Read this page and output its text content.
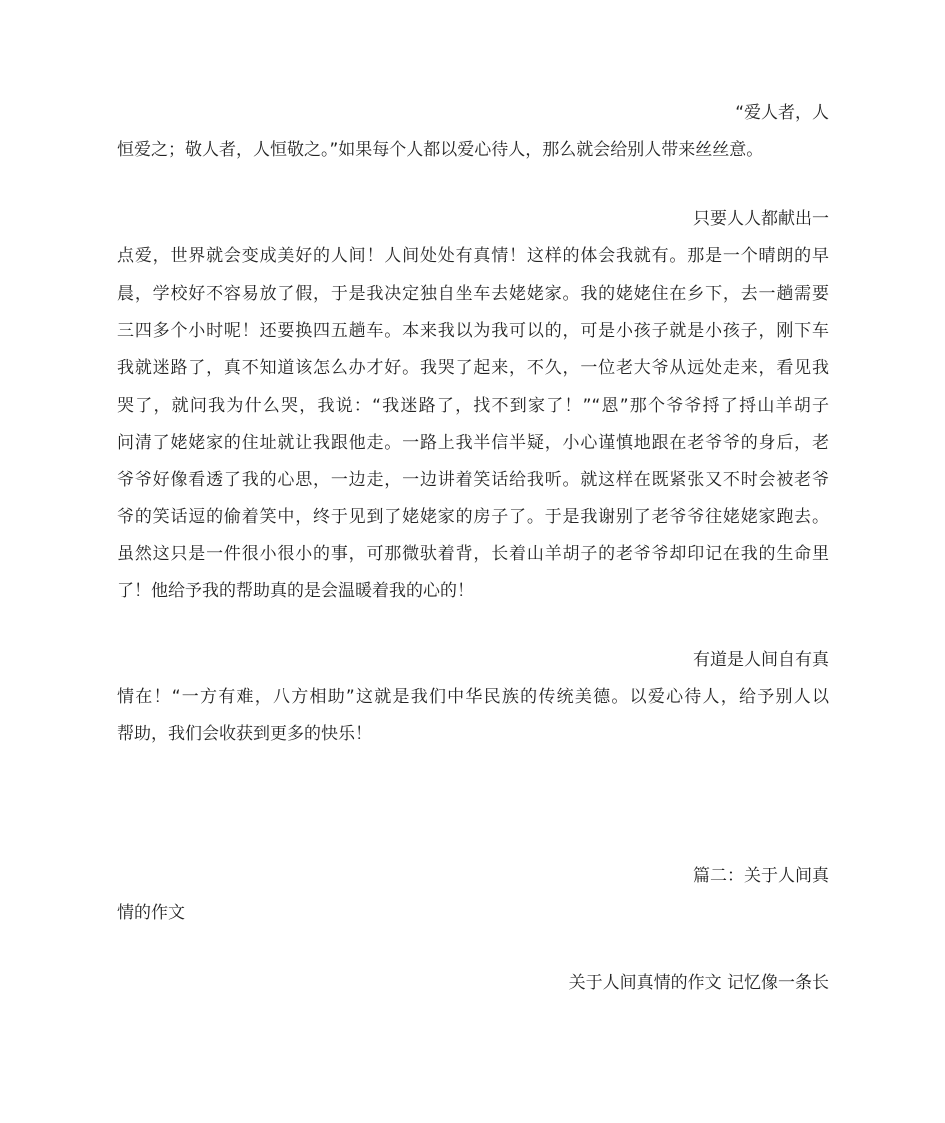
“爱人者，人
恒爱之；敬人者，人恒敬之。”如果每个人都以爱心待人，那么就会给别人带来丝丝意。
只要人人都献出一
点爱，世界就会变成美好的人间！人间处处有真情！这样的体会我就有。那是一个晴朗的早
晨，学校好不容易放了假，于是我决定独自坐车去姥姥家。我的姥姥住在乡下，去一趟需要
三四多个小时呢！还要换四五趟车。本来我以为我可以的，可是小孩子就是小孩子，刚下车
我就迷路了，真不知道该怎么办才好。我哭了起来，不久，一位老大爷从远处走来，看见我
哭了，就问我为什么哭，我说：“我迷路了，找不到家了！”“恩”那个爷爷捋了捋山羊胡子
问清了姥姥家的住址就让我跟他走。一路上我半信半疑，小心谨慎地跟在老爷爷的身后，老
爷爷好像看透了我的心思，一边走，一边讲着笑话给我听。就这样在既紧张又不时会被老爷
爷的笑话逗的偷着笑中，终于见到了姥姥家的房子了。于是我谢别了老爷爷往姥姥家跑去。
虽然这只是一件很小很小的事，可那微驮着背，长着山羊胡子的老爷爷却印记在我的生命里
了！他给予我的帮助真的是会温暖着我的心的！
有道是人间自有真
情在！“一方有难，八方相助”这就是我们中华民族的传统美德。以爱心待人，给予别人以
帮助，我们会收获到更多的快乐！
篇二：关于人间真
情的作文
关于人间真情的作文 记忆像一条长
